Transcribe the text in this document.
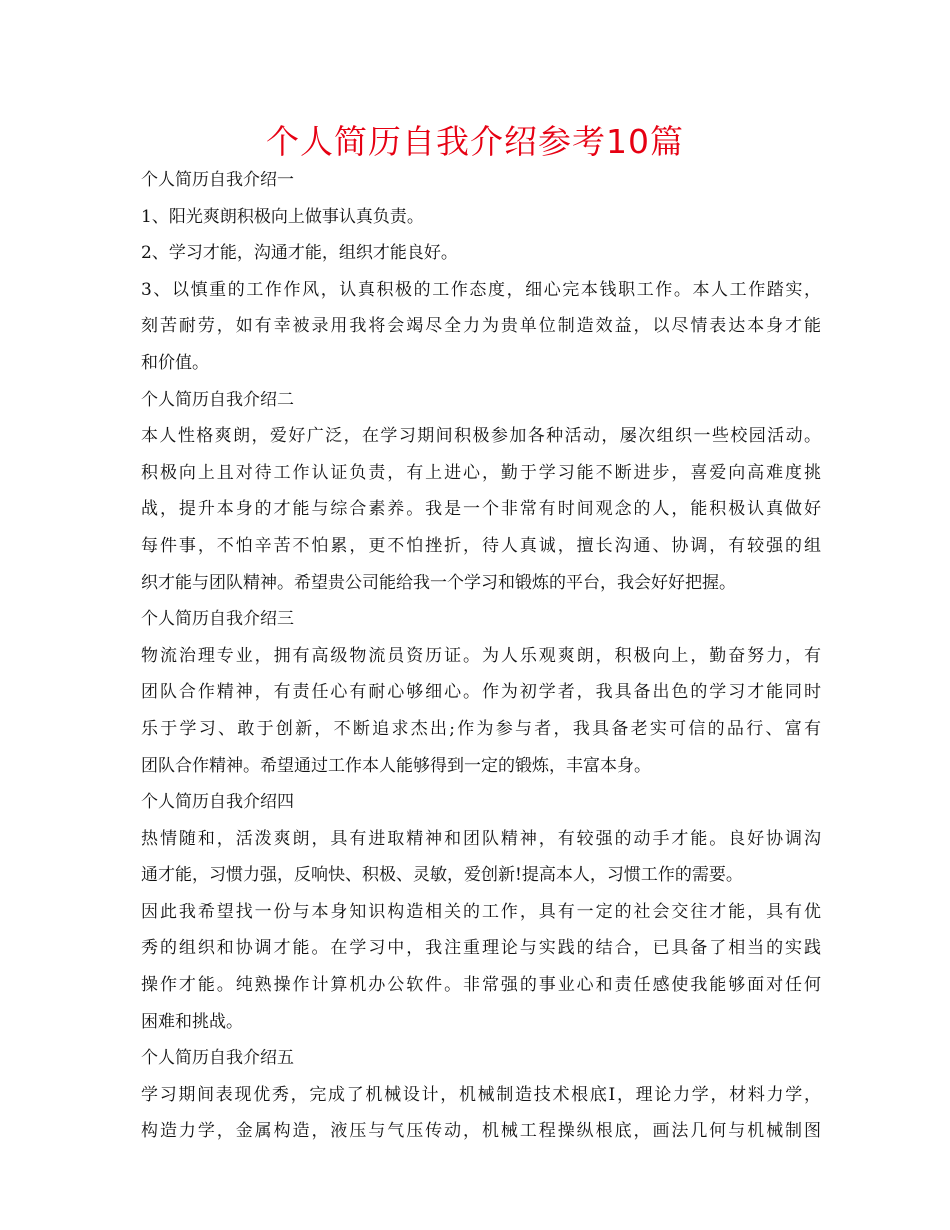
个人简历自我介绍参考10篇
个人简历自我介绍一
1、阳光爽朗积极向上做事认真负责。
2、学习才能，沟通才能，组织才能良好。
3、以慎重的工作作风，认真积极的工作态度，细心完本钱职工作。本人工作踏实，
刻苦耐劳，如有幸被录用我将会竭尽全力为贵单位制造效益，以尽情表达本身才能
和价值。
个人简历自我介绍二
本人性格爽朗，爱好广泛，在学习期间积极参加各种活动，屡次组织一些校园活动。
积极向上且对待工作认证负责，有上进心，勤于学习能不断进步，喜爱向高难度挑
战，提升本身的才能与综合素养。我是一个非常有时间观念的人，能积极认真做好
每件事，不怕辛苦不怕累，更不怕挫折，待人真诚，擅长沟通、协调，有较强的组
织才能与团队精神。希望贵公司能给我一个学习和锻炼的平台，我会好好把握。
个人简历自我介绍三
物流治理专业，拥有高级物流员资历证。为人乐观爽朗，积极向上，勤奋努力，有
团队合作精神，有责任心有耐心够细心。作为初学者，我具备出色的学习才能同时
乐于学习、敢于创新，不断追求杰出;作为参与者，我具备老实可信的品行、富有
团队合作精神。希望通过工作本人能够得到一定的锻炼，丰富本身。
个人简历自我介绍四
热情随和，活泼爽朗，具有进取精神和团队精神，有较强的动手才能。良好协调沟
通才能，习惯力强，反响快、积极、灵敏，爱创新!提高本人，习惯工作的需要。
因此我希望找一份与本身知识构造相关的工作，具有一定的社会交往才能，具有优
秀的组织和协调才能。在学习中，我注重理论与实践的结合，已具备了相当的实践
操作才能。纯熟操作计算机办公软件。非常强的事业心和责任感使我能够面对任何
困难和挑战。
个人简历自我介绍五
学习期间表现优秀，完成了机械设计，机械制造技术根底Ⅰ，理论力学，材料力学，
构造力学，金属构造，液压与气压传动，机械工程操纵根底，画法几何与机械制图
